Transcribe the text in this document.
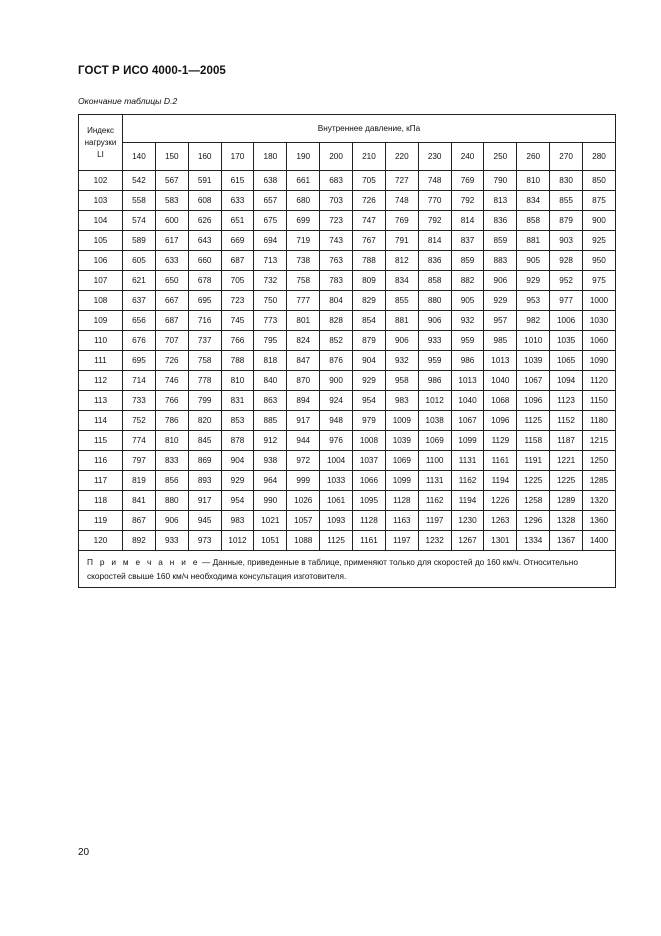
ГОСТ Р ИСО 4000-1—2005
Окончание таблицы D.2
Индекс
нагрузки
LI	Внутреннее давление, кПа														
	140	150	160	170	180	190	200	210	220	230	240	250	260	270	280
102	542	567	591	615	638	661	683	705	727	748	769	790	810	830	850
103	558	583	608	633	657	680	703	726	748	770	792	813	834	855	875
104	574	600	626	651	675	699	723	747	769	792	814	836	858	879	900
105	589	617	643	669	694	719	743	767	791	814	837	859	881	903	925
106	605	633	660	687	713	738	763	788	812	836	859	883	905	928	950
107	621	650	678	705	732	758	783	809	834	858	882	906	929	952	975
108	637	667	695	723	750	777	804	829	855	880	905	929	953	977	1000
109	656	687	716	745	773	801	828	854	881	906	932	957	982	1006	1030
110	676	707	737	766	795	824	852	879	906	933	959	985	1010	1035	1060
111	695	726	758	788	818	847	876	904	932	959	986	1013	1039	1065	1090
112	714	746	778	810	840	870	900	929	958	986	1013	1040	1067	1094	1120
113	733	766	799	831	863	894	924	954	983	1012	1040	1068	1096	1123	1150
114	752	786	820	853	885	917	948	979	1009	1038	1067	1096	1125	1152	1180
115	774	810	845	878	912	944	976	1008	1039	1069	1099	1129	1158	1187	1215
116	797	833	869	904	938	972	1004	1037	1069	1100	1131	1161	1191	1221	1250
117	819	856	893	929	964	999	1033	1066	1099	1131	1162	1194	1225	1225	1285
118	841	880	917	954	990	1026	1061	1095	1128	1162	1194	1226	1258	1289	1320
119	867	906	945	983	1021	1057	1093	1128	1163	1197	1230	1263	1296	1328	1360
120	892	933	973	1012	1051	1088	1125	1161	1197	1232	1267	1301	1334	1367	1400
П р и м е ч а н и е — Данные, приведенные в таблице, применяют только для скоростей до 160 км/ч. Относительно скоростей свыше 160 км/ч необходима консультация изготовителя.															
20
